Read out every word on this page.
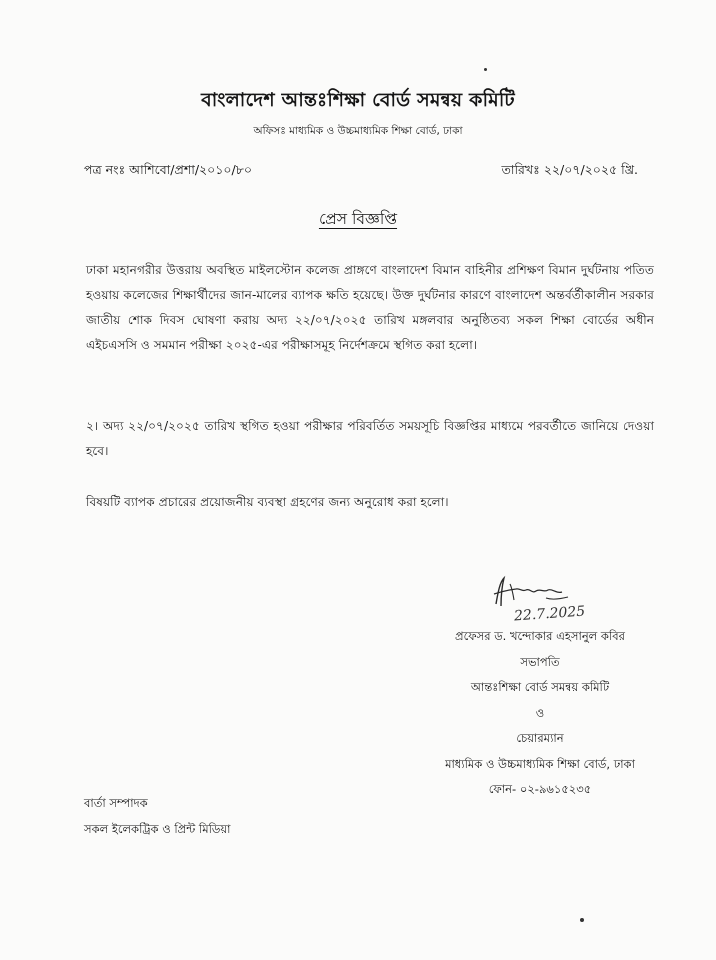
বাংলাদেশ আন্তঃশিক্ষা বোর্ড সমন্বয় কমিটি
অফিসঃ মাধ্যমিক ও উচ্চমাধ্যমিক শিক্ষা বোর্ড, ঢাকা
পত্র নংঃ আশিবো/প্রশা/২০১০/৮০	তারিখঃ ২২/০৭/২০২৫ খ্রি.
প্রেস বিজ্ঞপ্তি
ঢাকা মহানগরীর উত্তরায় অবস্থিত মাইলস্টোন কলেজ প্রাঙ্গণে বাংলাদেশ বিমান বাহিনীর প্রশিক্ষণ বিমান দুর্ঘটনায় পতিত হওয়ায় কলেজের শিক্ষার্থীদের জান-মালের ব্যাপক ক্ষতি হয়েছে। উক্ত দুর্ঘটনার কারণে বাংলাদেশ অন্তর্বর্তীকালীন সরকার জাতীয় শোক দিবস ঘোষণা করায় অদ্য ২২/০৭/২০২৫ তারিখ মঙ্গলবার অনুষ্ঠিতব্য সকল শিক্ষা বোর্ডের অধীন এইচএসসি ও সমমান পরীক্ষা ২০২৫-এর পরীক্ষাসমূহ নির্দেশক্রমে স্থগিত করা হলো।
২। অদ্য ২২/০৭/২০২৫ তারিখ স্থগিত হওয়া পরীক্ষার পরিবর্তিত সময়সূচি বিজ্ঞপ্তির মাধ্যমে পরবর্তীতে জানিয়ে দেওয়া হবে।
বিষয়টি ব্যাপক প্রচারের প্রয়োজনীয় ব্যবস্থা গ্রহণের জন্য অনুরোধ করা হলো।
22.7.2025
প্রফেসর ড. খন্দোকার এহসানুল কবির
সভাপতি
আন্তঃশিক্ষা বোর্ড সমন্বয় কমিটি
ও
চেয়ারম্যান
মাধ্যমিক ও উচ্চমাধ্যমিক শিক্ষা বোর্ড, ঢাকা
ফোন- ০২-৯৬১৫২৩৫
বার্তা সম্পাদক
সকল ইলেকট্রিক ও প্রিন্ট মিডিয়া
